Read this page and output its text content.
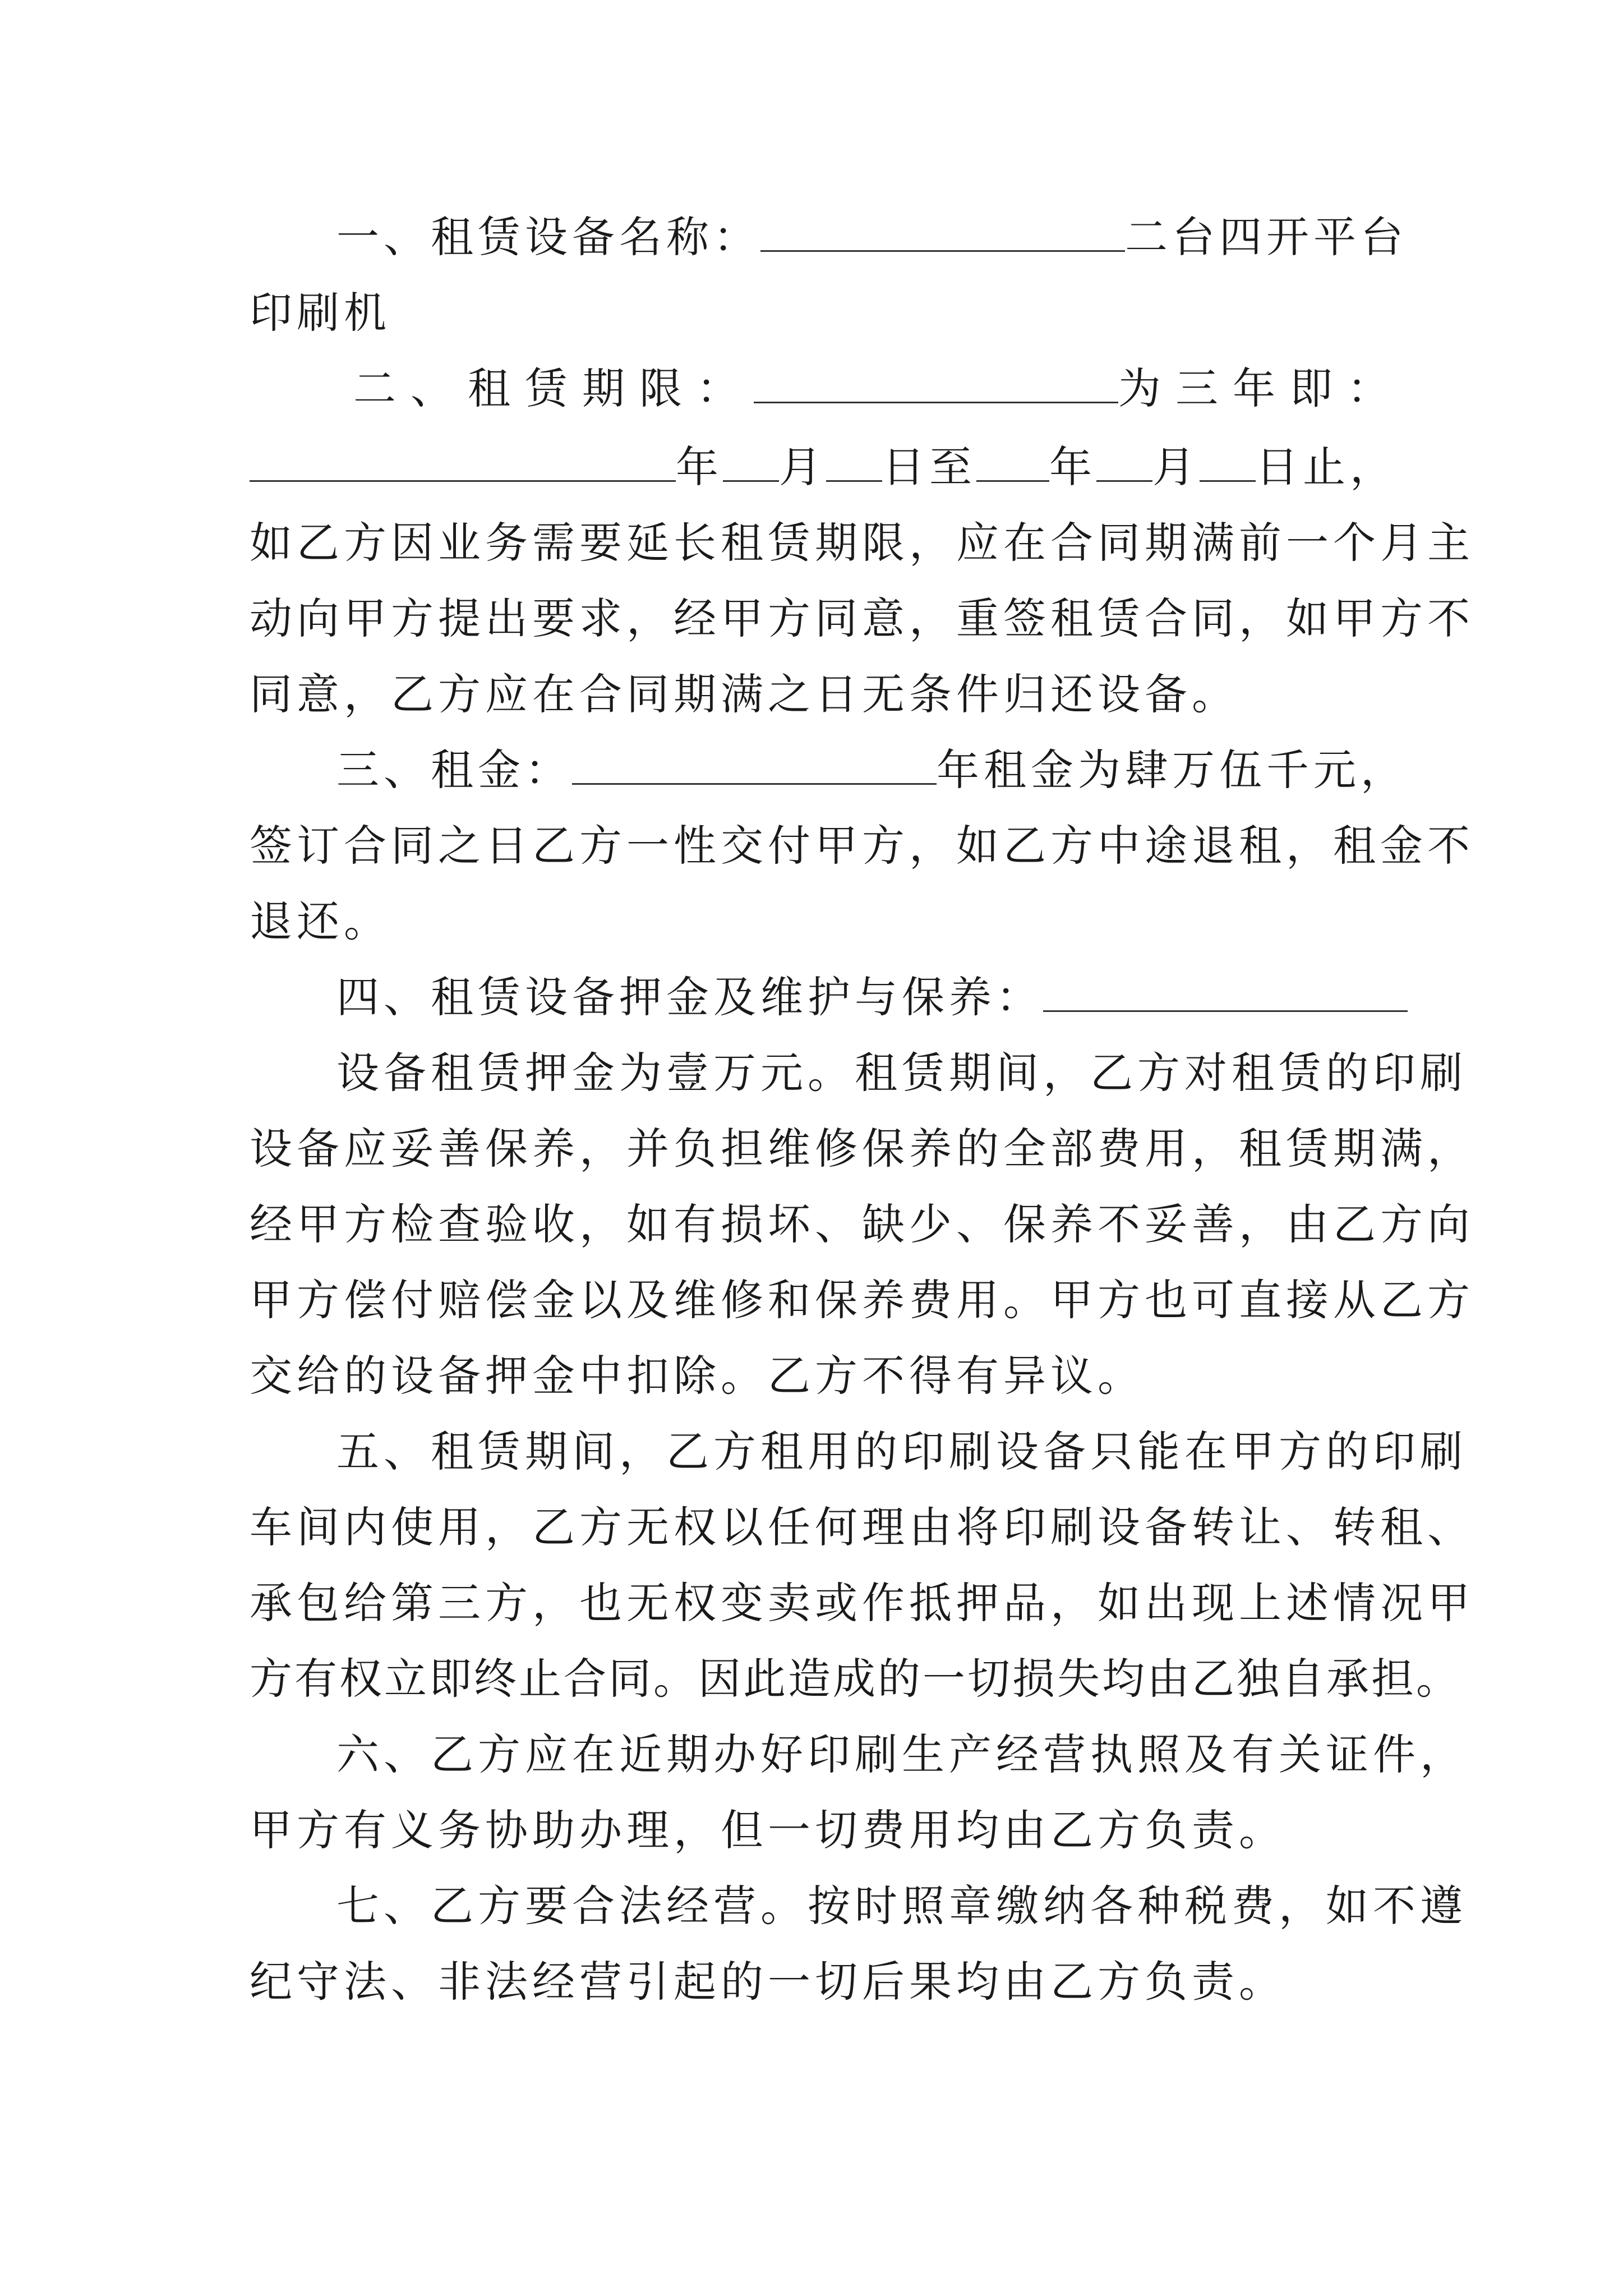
一、租赁设备名称：	二台四开平台
印刷机
二、租赁期限：	为三年即：
年 月 日至 年 月 日止，
如乙方因业务需要延长租赁期限，应在合同期满前一个月主
动向甲方提出要求，经甲方同意，重签租赁合同，如甲方不
同意，乙方应在合同期满之日无条件归还设备。
三、租金：	年租金为肆万伍千元，
签订合同之日乙方一性交付甲方，如乙方中途退租，租金不
退还。
四、租赁设备押金及维护与保养：
设备租赁押金为壹万元。租赁期间，乙方对租赁的印刷
设备应妥善保养，并负担维修保养的全部费用，租赁期满，
经甲方检查验收，如有损坏、缺少、保养不妥善，由乙方向
甲方偿付赔偿金以及维修和保养费用。甲方也可直接从乙方
交给的设备押金中扣除。乙方不得有异议。
五、租赁期间，乙方租用的印刷设备只能在甲方的印刷
车间内使用，乙方无权以任何理由将印刷设备转让、转租、
承包给第三方，也无权变卖或作抵押品，如出现上述情况甲
方有权立即终止合同。因此造成的一切损失均由乙独自承担。
六、乙方应在近期办好印刷生产经营执照及有关证件，
甲方有义务协助办理，但一切费用均由乙方负责。
七、乙方要合法经营。按时照章缴纳各种税费，如不遵
纪守法、非法经营引起的一切后果均由乙方负责。
